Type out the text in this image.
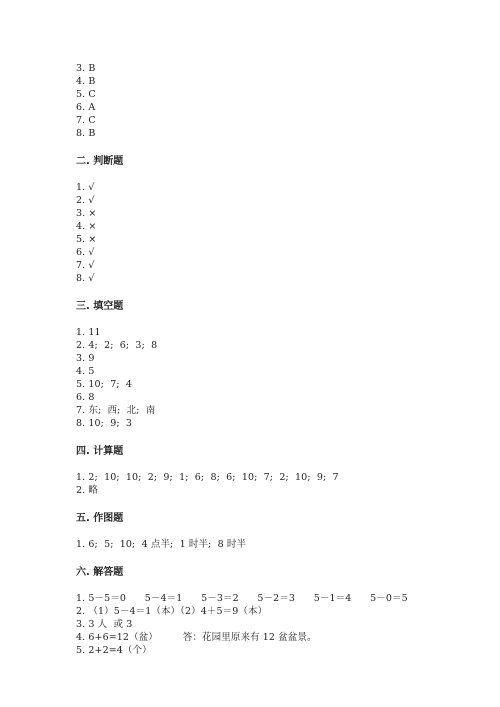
3. B
4. B
5. C
6. A
7. C
8. B
二. 判断题
1. √
2. √
3. ×
4. ×
5. ×
6. √
7. √
8. √
三. 填空题
1. 11
2. 4;  2;  6;  3;  8
3. 9
4. 5
5. 10;  7;  4
6. 8
7. 东;  西;  北;  南
8. 10;  9;  3
四. 计算题
1. 2;  10;  10;  2;  9;  1;  6;  8;  6;  10;  7;  2;  10;  9;  7
2. 略
五. 作图题
1. 6;  5;  10;  4 点半;  1 时半;  8 时半
六. 解答题
1. 5－5＝0      5－4＝1      5－3＝2      5－2＝3      5－1＝4      5－0＝5
2. （1）5－4＝1（本）（2）4＋5＝9（本）
3. 3 人  或 3
4. 6+6=12（盆）        答：花园里原来有 12 盆盆景。
5. 2+2=4（个）
